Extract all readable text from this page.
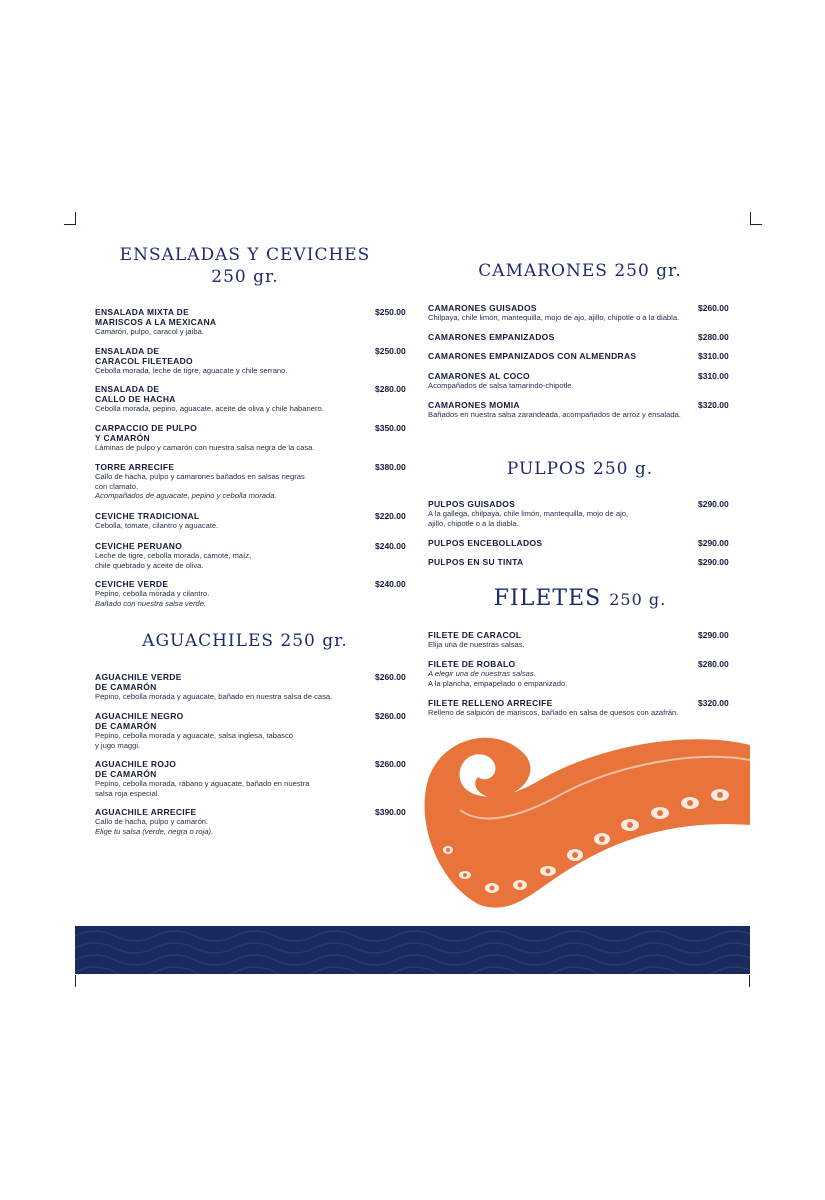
ENSALADAS Y CEVICHES
250 gr.
ENSALADA MIXTA DE
MARISCOS A LA MEXICANA
Camarón, pulpo, caracol y jaiba.
$250.00
ENSALADA DE
CARACOL FILETEADO
Cebolla morada, leche de tigre, aguacate y chile serrano.
$250.00
ENSALADA DE
CALLO DE HACHA
Cebolla morada, pepino, aguacate, aceite de oliva y chile habanero.
$280.00
CARPACCIO DE PULPO
Y CAMARÓN
Láminas de pulpo y camarón con nuestra salsa negra de la casa.
$350.00
TORRE ARRECIFE
Callo de hacha, pulpo y camarones bañados en salsas negras
con clamato.
Acompañados de aguacate, pepino y cebolla morada.
$380.00
CEVICHE TRADICIONAL
Cebolla, tomate, cilantro y aguacate.
$220.00
CEVICHE PERUANO
Leche de tigre, cebolla morada, camote, maíz,
chile quebrado y aceite de oliva.
$240.00
CEVICHE VERDE
Pepino, cebolla morada y cilantro.
Bañado con nuestra salsa verde.
$240.00
AGUACHILES 250 gr.
AGUACHILE VERDE
DE CAMARÓN
Pepino, cebolla morada y aguacate, bañado en nuestra salsa de casa.
$260.00
AGUACHILE NEGRO
DE CAMARÓN
Pepino, cebolla morada y aguacate, salsa inglesa, tabasco
y jugo maggi.
$260.00
AGUACHILE ROJO
DE CAMARÓN
Pepino, cebolla morada, rábano y aguacate, bañado en nuestra
salsa roja especial.
$260.00
AGUACHILE ARRECIFE
Callo de hacha, pulpo y camarón.
Elige tu salsa (verde, negra o roja).
$390.00
CAMARONES 250 gr.
CAMARONES GUISADOS
Chilpaya, chile limón, mantequilla, mojo de ajo, ajillo, chipotle o a la diabla.
$260.00
CAMARONES EMPANIZADOS	$280.00
CAMARONES EMPANIZADOS CON ALMENDRAS	$310.00
CAMARONES AL COCO
Acompañados de salsa tamarindo-chipotle.
$310.00
CAMARONES MOMIA
Bañados en nuestra salsa zarandeada, acompañados de arroz y ensalada.
$320.00
PULPOS 250 g.
PULPOS GUISADOS
A la gallega, chilpaya, chile limón, mantequilla, mojo de ajo,
ajillo, chipotle o a la diabla.
$290.00
PULPOS ENCEBOLLADOS	$290.00
PULPOS EN SU TINTA	$290.00
FILETES 250 g.
FILETE DE CARACOL
Elija una de nuestras salsas.
$290.00
FILETE DE ROBALO
A elegir una de nuestras salsas.
A la plancha, empapelado o empanizado.
$280.00
FILETE RELLENO ARRECIFE
Relleno de salpicón de mariscos, bañado en salsa de quesos con azafrán.
$320.00
